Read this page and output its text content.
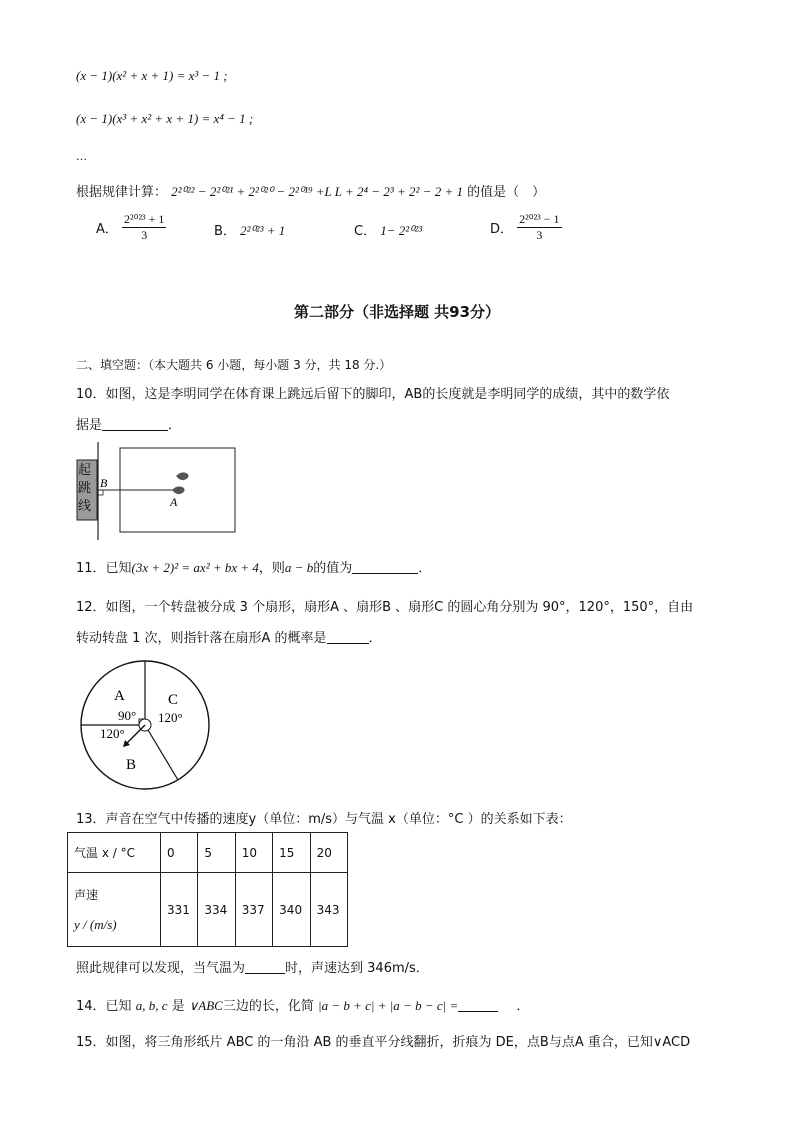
(x − 1)(x² + x + 1) = x³ − 1 ;
(x − 1)(x³ + x² + x + 1) = x⁴ − 1 ;
…
根据规律计算： 2²⁰²² − 2²⁰²¹ + 2²⁰²⁰ − 2²⁰¹⁹ +L L + 2⁴ − 2³ + 2² − 2 + 1 的值是（　）
A． $\frac{\text{2²⁰²³ + 1}}{3}$	B． 2²⁰²³ + 1	C． 1− 2²⁰²³	D． $\frac{\text{2²⁰²³ − 1}}{3}$
第二部分（非选择题 共93分）
二、填空题：（本大题共 6 小题，每小题 3 分，共 18 分.）
10．如图，这是李明同学在体育课上跳远后留下的脚印，AB的长度就是李明同学的成绩，其中的数学依
据是	．
B
A
起跳线
11．已知(3x + 2)² = ax² + bx + 4，则a − b的值为	．
12．如图，一个转盘被分成 3 个扇形，扇形A 、扇形B 、扇形C 的圆心角分别为 90°，120°，150°，自由
转动转盘 1 次，则指针落在扇形A 的概率是	．
A	C
B
90° 120°
120°
13．声音在空气中传播的速度y（单位：m/s）与气温 x（单位：°C ）的关系如下表：
气温 x / °C	0	5	10	15	20

声速
y / (m/s)	331	334	337	340	343
照此规律可以发现，当气温为	时，声速达到 346m/s．
14．已知 a, b, c 是 ∨ABC三边的长，化简 |a − b + c| + |a − b − c| =	．
15．如图，将三角形纸片 ABC 的一角沿 AB 的垂直平分线翻折，折痕为 DE，点B与点A 重合，已知∨ACD
